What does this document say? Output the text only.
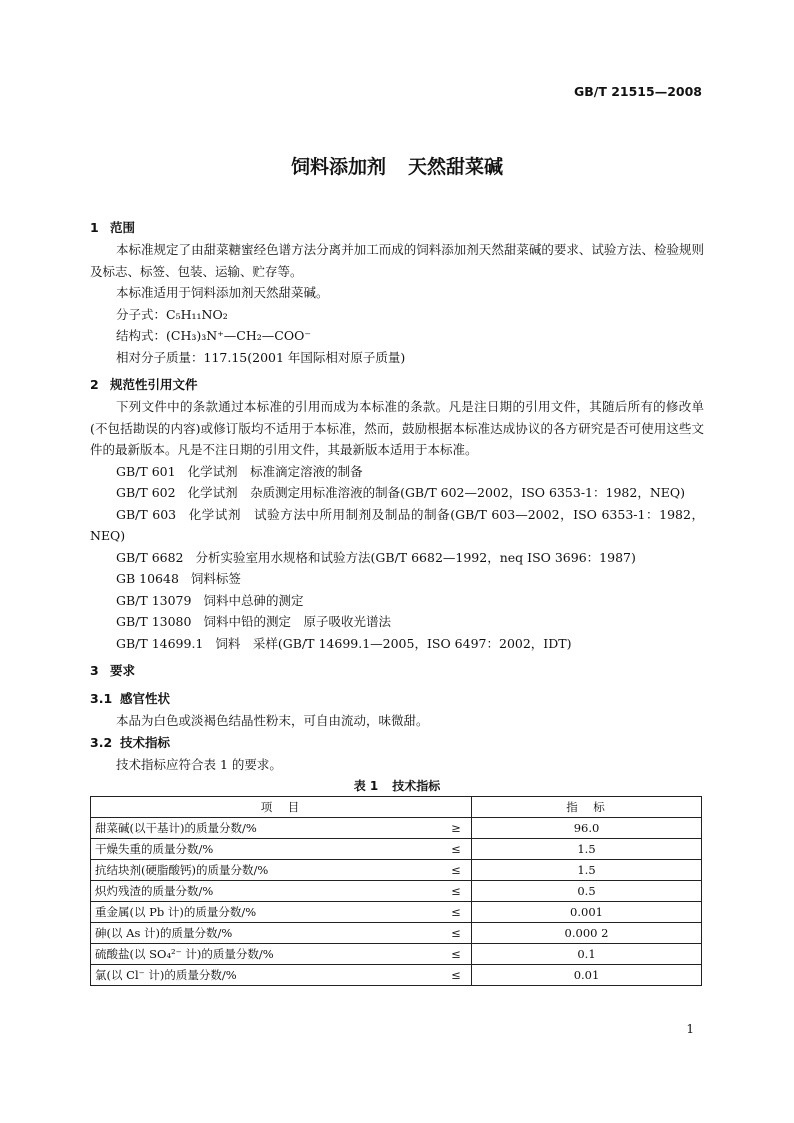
GB/T 21515—2008
饲料添加剂 天然甜菜碱
1 范围
本标准规定了由甜菜糖蜜经色谱方法分离并加工而成的饲料添加剂天然甜菜碱的要求、试验方法、检验规则及标志、标签、包装、运输、贮存等。
本标准适用于饲料添加剂天然甜菜碱。
分子式：C₅H₁₁NO₂
结构式：(CH₃)₃N⁺—CH₂—COO⁻
相对分子质量：117.15(2001 年国际相对原子质量)
2 规范性引用文件
下列文件中的条款通过本标准的引用而成为本标准的条款。凡是注日期的引用文件，其随后所有的修改单(不包括勘误的内容)或修订版均不适用于本标准，然而，鼓励根据本标准达成协议的各方研究是否可使用这些文件的最新版本。凡是不注日期的引用文件，其最新版本适用于本标准。
GB/T 601 化学试剂　标准滴定溶液的制备
GB/T 602 化学试剂　杂质测定用标准溶液的制备(GB/T 602—2002，ISO 6353-1：1982，NEQ)
GB/T 603 化学试剂　试验方法中所用制剂及制品的制备(GB/T 603—2002，ISO 6353-1：1982，NEQ)
GB/T 6682 分析实验室用水规格和试验方法(GB/T 6682—1992，neq ISO 3696：1987)
GB 10648 饲料标签
GB/T 13079 饲料中总砷的测定
GB/T 13080 饲料中铅的测定　原子吸收光谱法
GB/T 14699.1 饲料　采样(GB/T 14699.1—2005，ISO 6497：2002，IDT)
3 要求
3.1 感官性状
本品为白色或淡褐色结晶性粉末，可自由流动，味微甜。
3.2 技术指标
技术指标应符合表 1 的要求。
表 1 技术指标
项　目		指　标
甜菜碱(以干基计)的质量分数/%	≥	96.0
干燥失重的质量分数/%	≤	1.5
抗结块剂(硬脂酸钙)的质量分数/%	≤	1.5
炽灼残渣的质量分数/%	≤	0.5
重金属(以 Pb 计)的质量分数/%	≤	0.001
砷(以 As 计)的质量分数/%	≤	0.000 2
硫酸盐(以 SO₄²⁻ 计)的质量分数/%	≤	0.1
氯(以 Cl⁻ 计)的质量分数/%	≤	0.01
1
